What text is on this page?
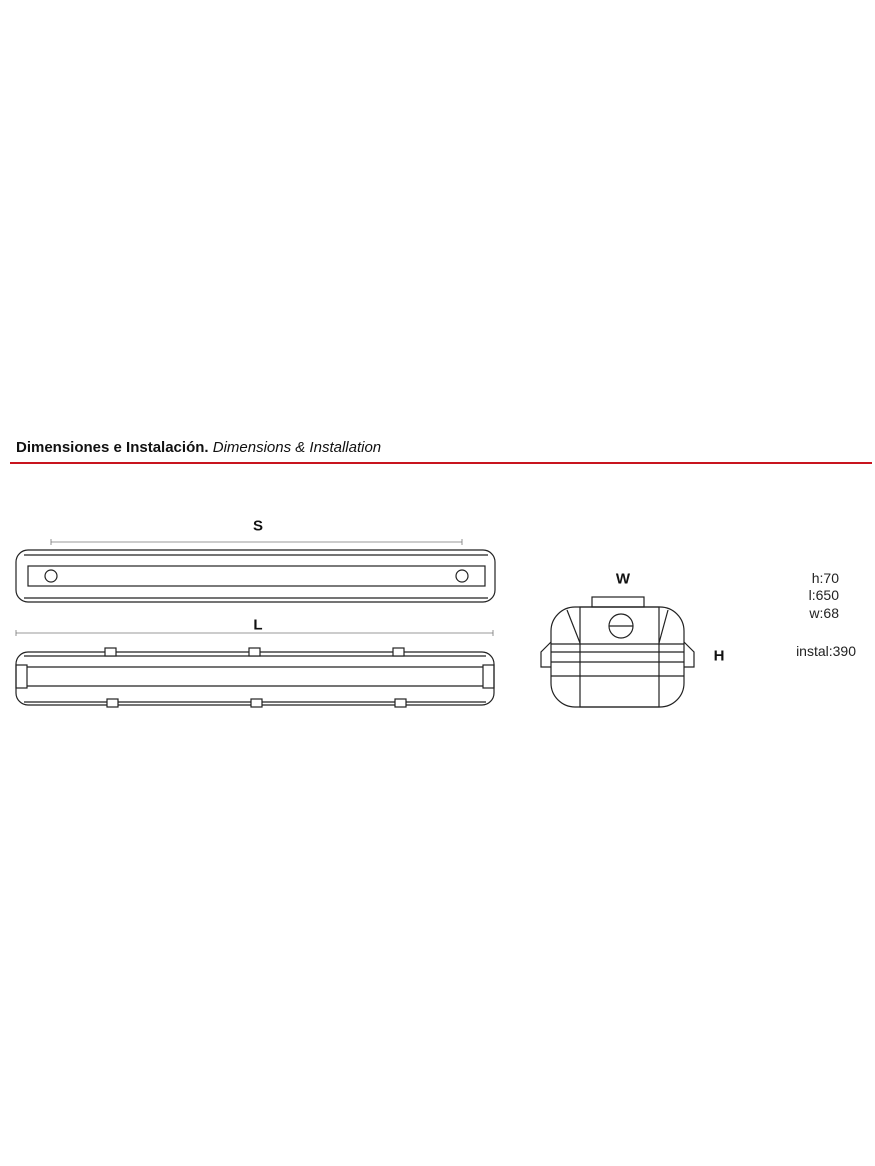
Dimensiones e Instalación. Dimensions & Installation
S
L
W
H
h:70
l:650
w:68
instal:390
